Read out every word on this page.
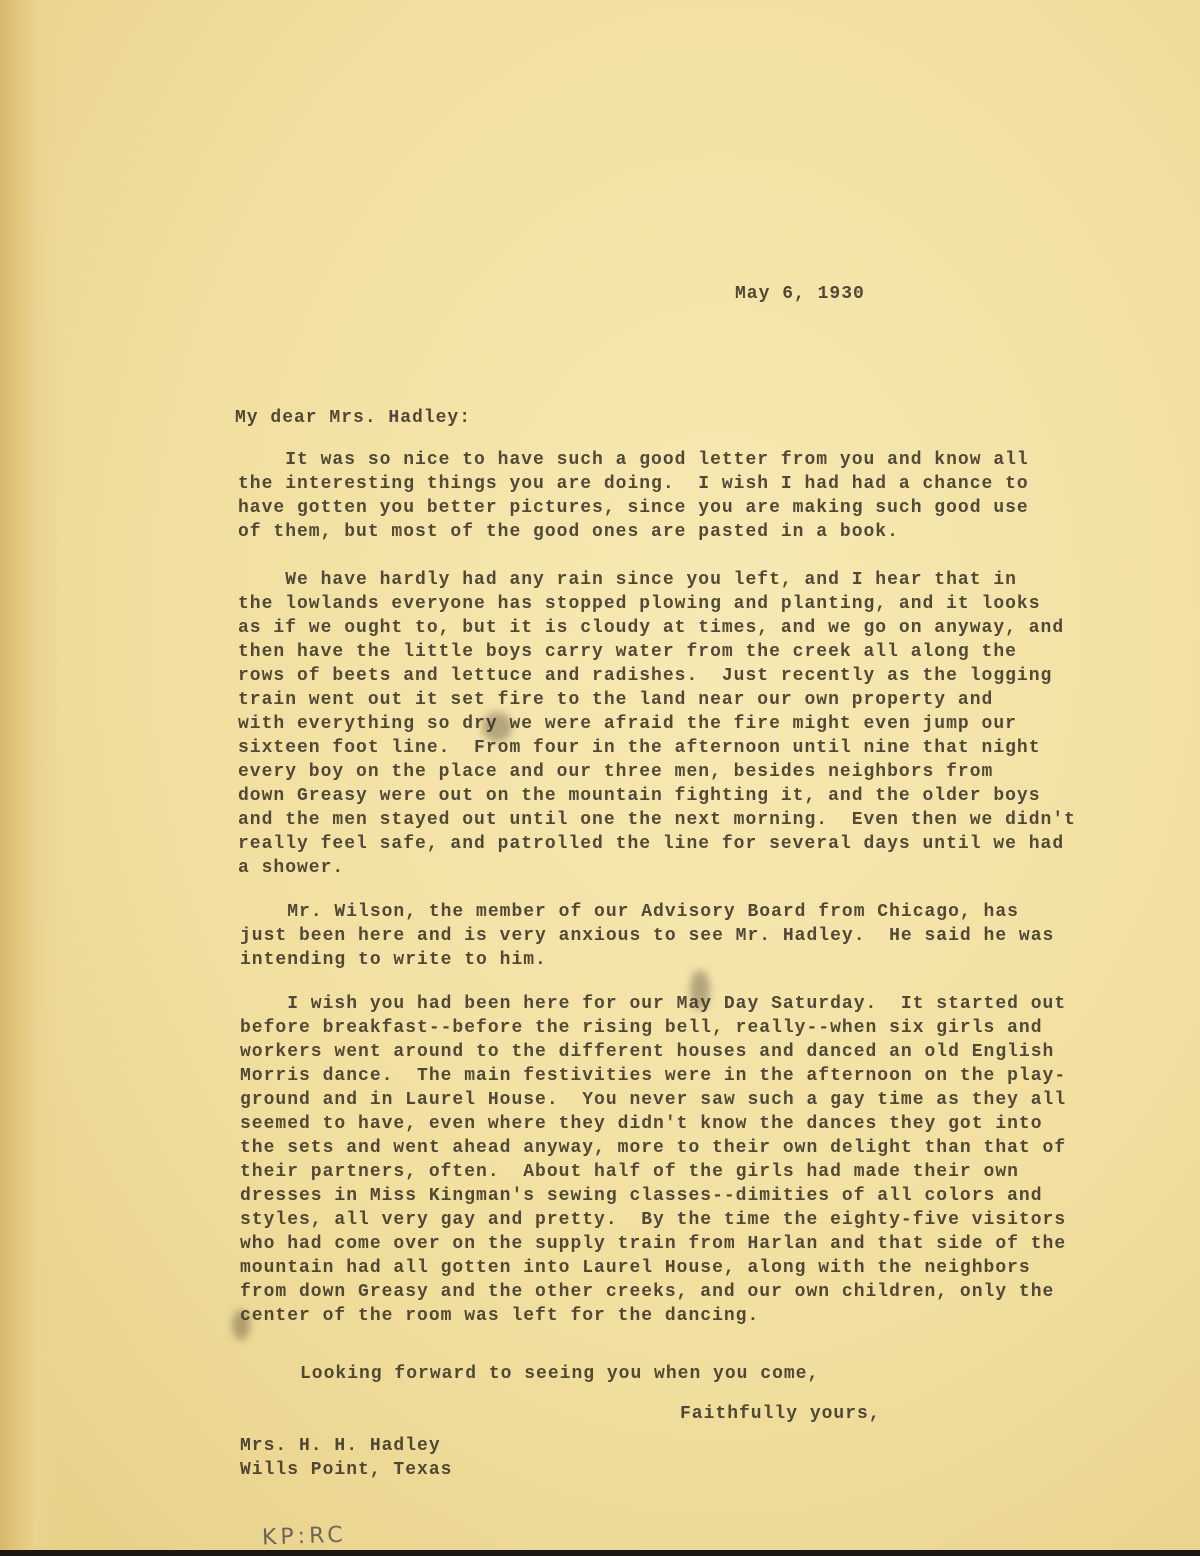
May 6, 1930
My dear Mrs. Hadley:
It was so nice to have such a good letter from you and know all
the interesting things you are doing.  I wish I had had a chance to
have gotten you better pictures, since you are making such good use
of them, but most of the good ones are pasted in a book.
We have hardly had any rain since you left, and I hear that in
the lowlands everyone has stopped plowing and planting, and it looks
as if we ought to, but it is cloudy at times, and we go on anyway, and
then have the little boys carry water from the creek all along the
rows of beets and lettuce and radishes.  Just recently as the logging
train went out it set fire to the land near our own property and
with everything so dry we were afraid the fire might even jump our
sixteen foot line.  From four in the afternoon until nine that night
every boy on the place and our three men, besides neighbors from
down Greasy were out on the mountain fighting it, and the older boys
and the men stayed out until one the next morning.  Even then we didn't
really feel safe, and patrolled the line for several days until we had
a shower.
Mr. Wilson, the member of our Advisory Board from Chicago, has
just been here and is very anxious to see Mr. Hadley.  He said he was
intending to write to him.
I wish you had been here for our May Day Saturday.  It started out
before breakfast--before the rising bell, really--when six girls and
workers went around to the different houses and danced an old English
Morris dance.  The main festivities were in the afternoon on the play-
ground and in Laurel House.  You never saw such a gay time as they all
seemed to have, even where they didn't know the dances they got into
the sets and went ahead anyway, more to their own delight than that of
their partners, often.  About half of the girls had made their own
dresses in Miss Kingman's sewing classes--dimities of all colors and
styles, all very gay and pretty.  By the time the eighty-five visitors
who had come over on the supply train from Harlan and that side of the
mountain had all gotten into Laurel House, along with the neighbors
from down Greasy and the other creeks, and our own children, only the
center of the room was left for the dancing.
Looking forward to seeing you when you come,
Faithfully yours,
Mrs. H. H. Hadley
Wills Point, Texas
KP:RC
